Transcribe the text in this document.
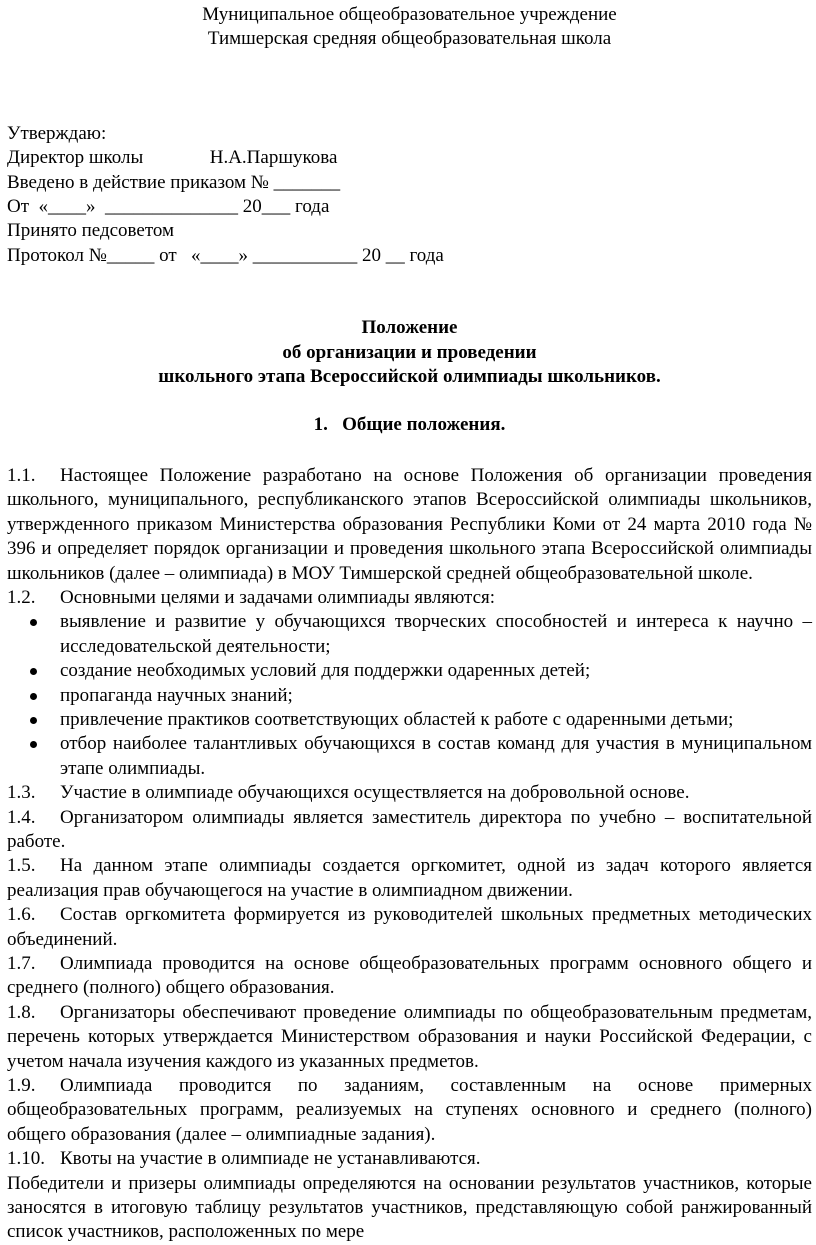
Муниципальное общеобразовательное учреждение
Тимшерская средняя общеобразовательная школа
Утверждаю:
Директор школы              Н.А.Паршукова
Введено в действие приказом № _______
От  «____»  ______________ 20___ года
Принято педсоветом
Протокол №_____ от   «____» ___________ 20 __ года
Положение
об организации и проведении
школьного этапа Всероссийской олимпиады школьников.
1. Общие положения.

1.1. Настоящее Положение разработано на основе Положения об организации проведения школьного, муниципального, республиканского этапов Всероссийской олимпиады школьников, утвержденного приказом Министерства образования Республики Коми от 24 марта 2010 года № 396 и определяет порядок организации и проведения школьного этапа Всероссийской олимпиады школьников (далее – олимпиада) в МОУ Тимшерской средней общеобразовательной школе.

1.2. Основными целями и задачами олимпиады являются:

выявление и развитие у обучающихся творческих способностей и интереса к научно – исследовательской деятельности;
создание необходимых условий для поддержки одаренных детей;
пропаганда научных знаний;
привлечение практиков соответствующих областей к работе с одаренными детьми;
отбор наиболее талантливых обучающихся в состав команд для участия в муниципальном этапе олимпиады.

1.3. Участие в олимпиаде обучающихся осуществляется на добровольной основе.

1.4. Организатором олимпиады является заместитель директора по учебно – воспитательной работе.

1.5. На данном этапе олимпиады создается оргкомитет, одной из задач которого является реализация прав обучающегося на участие в олимпиадном движении.

1.6. Состав оргкомитета формируется из руководителей школьных предметных методических объединений.

1.7. Олимпиада проводится на основе общеобразовательных программ основного общего и среднего (полного) общего образования.

1.8. Организаторы обеспечивают проведение олимпиады по общеобразовательным предметам, перечень которых утверждается Министерством образования и науки Российской Федерации, с учетом начала изучения каждого из указанных предметов.

1.9. Олимпиада проводится по заданиям, составленным на основе примерных общеобразовательных программ, реализуемых на ступенях основного и среднего (полного) общего образования (далее – олимпиадные задания).

1.10. Квоты на участие в олимпиаде не устанавливаются.

Победители и призеры олимпиады определяются на основании результатов участников, которые заносятся в итоговую таблицу результатов участников, представляющую собой ранжированный список участников, расположенных по мере
